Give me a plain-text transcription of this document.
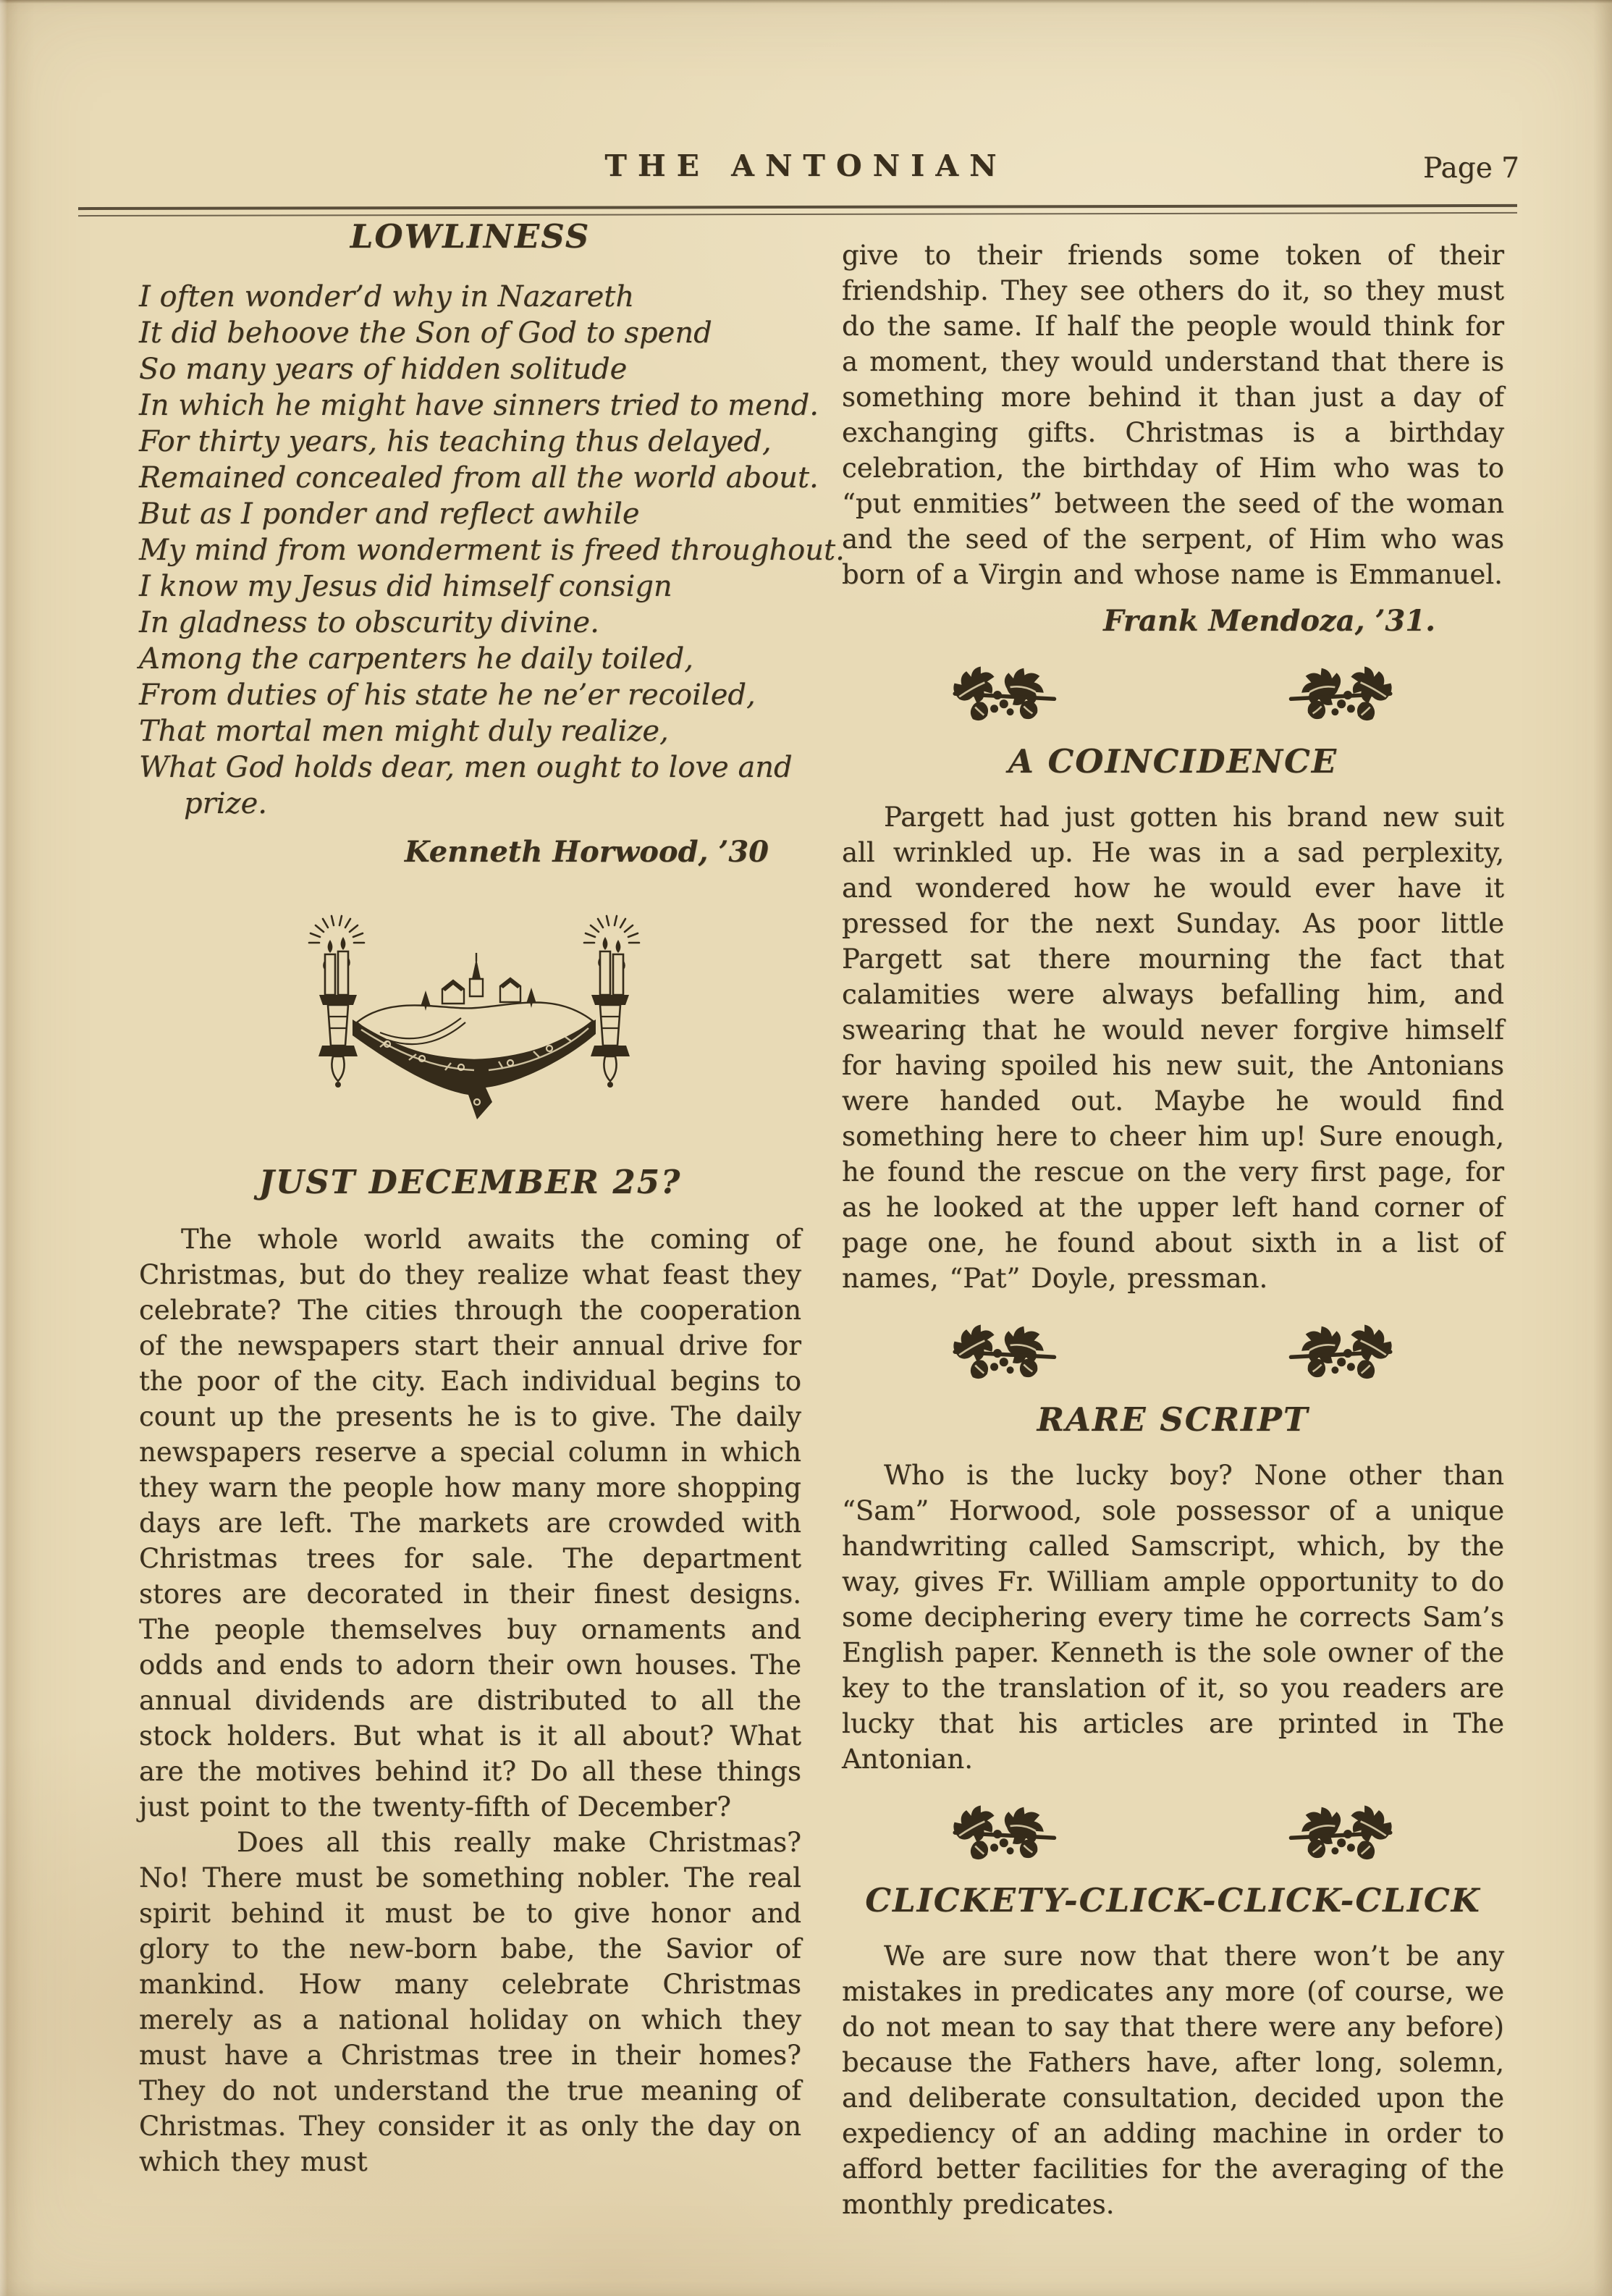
THE ANTONIAN	Page 7
LOWLINESS
I often wonder’d why in Nazareth
It did behoove the Son of God to spend
So many years of hidden solitude
In which he might have sinners tried to mend.
For thirty years, his teaching thus delayed,
Remained concealed from all the world about.
But as I ponder and reflect awhile
My mind from wonderment is freed throughout.
I know my Jesus did himself consign
In gladness to obscurity divine.
Among the carpenters he daily toiled,
From duties of his state he ne’er recoiled,
That mortal men might duly realize,
What God holds dear, men ought to love and
prize.
Kenneth Horwood, ’30
JUST DECEMBER 25?

The whole world awaits the coming of Christmas, but do they realize what feast they celebrate? The cities through the cooperation of the newspapers start their annual drive for the poor of the city. Each individual begins to count up the presents he is to give. The daily newspapers reserve a special column in which they warn the people how many more shopping days are left. The markets are crowded with Christmas trees for sale. The department stores are decorated in their finest designs. The people themselves buy ornaments and odds and ends to adorn their own houses. The annual dividends are distributed to all the stock holders. But what is it all about? What are the motives behind it? Do all these things just point to the twenty-fifth of December?

Does all this really make Christmas? No! There must be something nobler. The real spirit behind it must be to give honor and glory to the new-born babe, the Savior of mankind. How many celebrate Christmas merely as a national holiday on which they must have a Christmas tree in their homes? They do not understand the true meaning of Christmas. They consider it as only the day on which they must

give to their friends some token of their friendship. They see others do it, so they must do the same. If half the people would think for a moment, they would understand that there is something more behind it than just a day of exchanging gifts. Christmas is a birthday celebration, the birthday of Him who was to “put enmities” between the seed of the woman and the seed of the serpent, of Him who was born of a Virgin and whose name is Emmanuel.

Frank Mendoza, ’31.
A COINCIDENCE

Pargett had just gotten his brand new suit all wrinkled up. He was in a sad perplexity, and wondered how he would ever have it pressed for the next Sunday. As poor little Pargett sat there mourning the fact that calamities were always befalling him, and swearing that he would never forgive himself for having spoiled his new suit, the Antonians were handed out. Maybe he would find something here to cheer him up! Sure enough, he found the rescue on the very first page, for as he looked at the upper left hand corner of page one, he found about sixth in a list of names, “Pat” Doyle, pressman.

RARE SCRIPT

Who is the lucky boy? None other than “Sam” Horwood, sole possessor of a unique handwriting called Samscript, which, by the way, gives Fr. William ample opportunity to do some deciphering every time he corrects Sam’s English paper. Kenneth is the sole owner of the key to the translation of it, so you readers are lucky that his articles are printed in The Antonian.

CLICKETY-CLICK-CLICK-CLICK

We are sure now that there won’t be any mistakes in predicates any more (of course, we do not mean to say that there were any before) because the Fathers have, after long, solemn, and deliberate consultation, decided upon the expediency of an adding machine in order to afford better facilities for the averaging of the monthly predicates.
